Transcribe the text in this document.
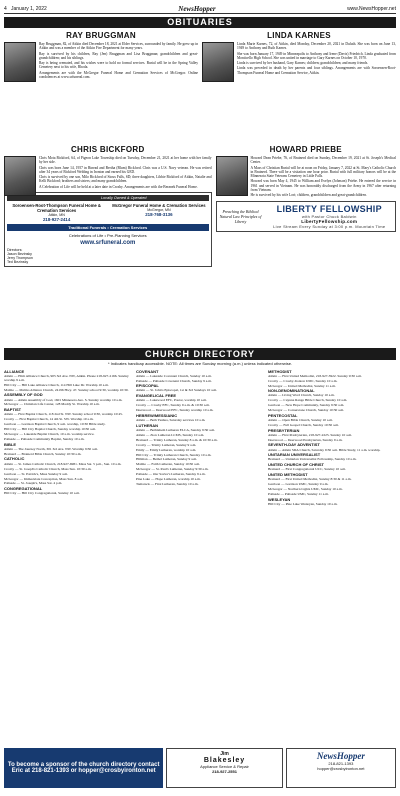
4 January 1, 2022	NewsHopper	www.NewsHopper.net
OBITUARIES
RAY BRUGGMAN

Ray Bruggman, 82, of Aitkin died December 18, 2021 at Elder Services, surrounded by family. He grew up in Aitkin and was a member of the Aitkin Fire Department for many years.

Ray is survived by his children, Ray (Jen) Bruggman and Lisa Bruggman; grandchildren and great-grandchildren; and his siblings.

Ray is being cremated, and his wishes were to hold no formal services. Burial will be in the Spring Valley Cemetery next to his wife, Rhoda.

Arrangements are with the McGregor Funeral Home and Cremation Services of McGregor. Online condolences at www.srfuneral.com.

LINDA KARNES

Linda Marie Karnes, 72, of Aitkin, died Monday, December 20, 2021 in Duluth. She was born on June 13, 1949 to Anthony and Ruth Karnes.

She was born January 17, 1949 in Minneapolis to Anthony and Irene (Davis) Friedrich. Linda graduated from Monticello High School. She was united in marriage to Gary Karnes on October 10, 1970.

Linda is survived by her husband, Gary Karnes; children; grandchildren; and many friends.

Linda was preceded in death by her parents and four siblings. Arrangements are with Soroensen-Root-Thompson Funeral Home and Cremation Service, Aitkin.

CHRIS BICKFORD

Chris Mota Bickford, 64, of Pigeon Lake Township died on Tuesday, December 21, 2021 at her home with her family by her side.

Chris was born June 14, 1957 in Rinead and Bertha (Blum) Bickford. Chris was a U.S. Navy veteran. He was retired after 34 years of Bickford Welding in Ironton and earned his GED.

Chris is survived by one son, Milo Bickford of Sioux Falls, SD; three daughters, Libbie Bickford of Aitkin, Natalie and Kelli Bickford; brothers and sisters; and many grandchildren.

A Celebration of Life will be held at a later date in Crosby. Arrangements are with the Beranek Funeral Home.

Locally Owned & Operated
Soroensen-Root-Thompson Funeral Home & Cremation Services
Aitkin, MN
218-927-2414
McGregor Funeral Home & Cremation Services
McGregor, MN
218-768-3136
Traditional Funerals • Cremation Services
Celebrations of Life • Pre-Planning Services
www.srfuneral.com
Directors:
Jason Bezinsky
Jerry Thompson
Ted Bezinsky
HOWARD PRIEBE

Howard Dean Priebe, 76, of Brainerd died on Sunday, December 19, 2021 at St. Joseph's Medical Center.

A Mass of Christian Burial will be at noon on Friday, January 7, 2022 at St. Mary's Catholic Church in Brainerd. There will be a visitation one hour prior. Burial with full military honors will be at the Minnesota State Veterans Cemetery in Little Falls.

Howard was born May 4, 1945 to William and Evelyn (Johnson) Priebe. He entered the service in 1961 and served in Vietnam. He was honorably discharged from the Army in 1967 after returning from Vietnam.

He is survived by his wife Lori; children, grandchildren and great-grandchildren.

Preaching the Biblical Natural Law Principles of Liberty
LIBERTY FELLOWSHIP
with Pastor Chuck Baldwin
LibertyFellowship.com
Live Stream Every Sunday at 3:00 p.m. Mountain Time
CHURCH DIRECTORY
* Indicates handicap accessible. NOTE: All times are Sunday morning (a.m.) unless indicated otherwise.
ALLIANCE
Aitkin — Elim Alliance Church, 905 3rd Ave. NW, Aitkin. Phone 218-927-2166. Sunday worship 9 a.m.
Hill City — Hill Lake Alliance Church, 114 Hill Lake Dr. Worship 10 a.m.
Malmo — Malmo Alliance Church, 24196 Hwy. 47. Sunday school 9:30, worship 10:30.
ASSEMBLY OF GOD
Aitkin — Aitkin Assembly of God, 1601 Minnesota Ave. S. Sunday worship 10 a.m.
McGregor — Christian Life Center, 128 Maddy St. Worship 10 a.m.
BAPTIST
Aitkin — First Baptist Church, 118 2nd St. NW. Sunday school 9:30, worship 10:45.
Crosby — First Baptist Church, 14 4th St. SW. Worship 10 a.m.
Garrison — Garrison Baptist Church, 9 a.m. worship, 10:30 Bible study.
Hill City — Hill City Baptist Church, Sunday worship 10:30 a.m.
McGregor — Lakeside Baptist Church, 10 a.m. worship service.
Palisade — Palisade Community Baptist, Sunday 10 a.m.
BIBLE
Aitkin — The Journey North, 301 3rd Ave. NW. Worship 9:30 a.m.
Brainerd — Brainerd Bible Church, Sunday 10:30 a.m.
CATHOLIC
Aitkin — St. James Catholic Church, 218-927-6981. Mass Sat. 5 p.m., Sun. 10 a.m.
Crosby — St. Joseph's Catholic Church, Mass Sun. 10:30 a.m.
Garrison — St. Patrick's, Mass Sunday 9 a.m.
McGregor — Immaculate Conception, Mass Sun. 8 a.m.
Palisade — St. Joseph's, Mass Sat. 4 p.m.
CONGREGATIONAL
Hill City — Hill City Congregational, Sunday 10 a.m.
COVENANT
Aitkin — Lakeside Covenant Church, Sunday 10 a.m.
Palisade — Palisade Covenant Church, Sunday 9 a.m.
EPISCOPAL
Aitkin — St. John's Episcopal, 1st & 3rd Sundays 10 a.m.
EVANGELICAL FREE
Aitkin — Lakewood EFC, Pastor, worship 10 a.m.
Crosby — Crosby EFC, Sunday 9 a.m. & 10:30 a.m.
Deerwood — Deerwood EFC, Sunday worship 10 a.m.
HEBREW/MESSIANIC
Aitkin — Beth Yeshua, Saturday services 10 a.m.
LUTHERAN
Aitkin — Bethlehem Lutheran ELCA, Sunday 9:30 a.m.
Aitkin — Zion Lutheran LCMS, Sunday 10 a.m.
Brainerd — Trinity Lutheran, Sunday 8 a.m. & 10:30 a.m.
Crosby — Trinity Lutheran, Sunday 9 a.m.
Emily — Emily Lutheran, worship 10 a.m.
Hill City — Trinity Lutheran Church, Sunday 10 a.m.
Hillman — Bethel Lutheran, Sunday 9 a.m.
Malmo — Faith Lutheran, Sunday 10:30 a.m.
McGregor — St. Paul's Lutheran, Sunday 9:30 a.m.
Palisade — Our Savior's Lutheran, Sunday 9 a.m.
Pine Lake — Hope Lutheran, worship 10 a.m.
Tamarack — First Lutheran, Sunday 10 a.m.
METHODIST
Aitkin — First United Methodist, 218-927-3922. Sunday 9:30 a.m.
Crosby — Crosby-Ironton UMC, Sunday 10 a.m.
McGregor — United Methodist, Sunday 11 a.m.
NON-DENOMINATIONAL
Aitkin — Living Word Church, Sunday 10 a.m.
Crosby — Cuyuna Range Bible Church, Sunday 10 a.m.
Garrison — New Hope Community, Sunday 9:30 a.m.
McGregor — Cornerstone Church, Sunday 10:30 a.m.
PENTECOSTAL
Aitkin — Open Bible Church, Sunday 10 a.m.
Crosby — Full Gospel Church, Sunday 10:30 a.m.
PRESBYTERIAN
Aitkin — First Presbyterian, 218-927-2225. Sunday 10 a.m.
Deerwood — Deerwood Presbyterian, Sunday 9 a.m.
SEVENTH-DAY ADVENTIST
Aitkin — Aitkin SDA Church, Saturday 9:30 a.m. Bible Study, 11 a.m. worship.
UNITARIAN UNIVERSALIST
Brainerd — Unitarian Universalist Fellowship, Sunday 10 a.m.
UNITED CHURCH OF CHRIST
Brainerd — First Congregational UCC, Sunday 10 a.m.
UNITED METHODIST
Brainerd — First United Methodist, Sunday 8:30 & 11 a.m.
Garrison — Garrison UMC, Sunday 9 a.m.
McGregor — Northern Lights UMC, Sunday 10 a.m.
Palisade — Palisade UMC, Sunday 11 a.m.
WESLEYAN
Hill City — Pine Lake Wesleyan, Sunday 10 a.m.
To become a sponsor of the church directory contact Eric at 218-821-1393 or hopper@crosbyironton.net
Jim
Blakesley
Appliance Service & Repair
218-927-2551
NewsHopper
218-821-1393
hopper@crosbyironton.net
